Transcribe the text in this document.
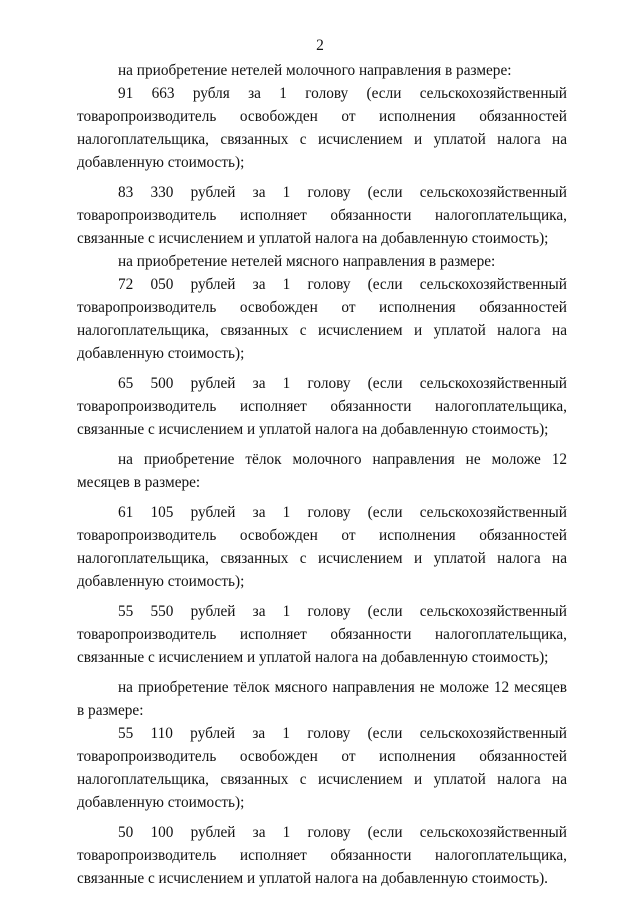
2

на приобретение нетелей молочного направления в размере:

91 663 рубля за 1 голову (если сельскохозяйственный товаропроизводитель освобожден от исполнения обязанностей налогоплательщика, связанных с исчислением и уплатой налога на добавленную стоимость);

83 330 рублей за 1 голову (если сельскохозяйственный товаропроизводитель исполняет обязанности налогоплательщика, связанные с исчислением и уплатой налога на добавленную стоимость);

на приобретение нетелей мясного направления в размере:

72 050 рублей за 1 голову (если сельскохозяйственный товаропроизводитель освобожден от исполнения обязанностей налогоплательщика, связанных с исчислением и уплатой налога на добавленную стоимость);

65 500 рублей за 1 голову (если сельскохозяйственный товаропроизводитель исполняет обязанности налогоплательщика, связанные с исчислением и уплатой налога на добавленную стоимость);

на приобретение тёлок молочного направления не моложе 12 месяцев в размере:

61 105 рублей за 1 голову (если сельскохозяйственный товаропроизводитель освобожден от исполнения обязанностей налогоплательщика, связанных с исчислением и уплатой налога на добавленную стоимость);

55 550 рублей за 1 голову (если сельскохозяйственный товаропроизводитель исполняет обязанности налогоплательщика, связанные с исчислением и уплатой налога на добавленную стоимость);

на приобретение тёлок мясного направления не моложе 12 месяцев в размере:

55 110 рублей за 1 голову (если сельскохозяйственный товаропроизводитель освобожден от исполнения обязанностей налогоплательщика, связанных с исчислением и уплатой налога на добавленную стоимость);

50 100 рублей за 1 голову (если сельскохозяйственный товаропроизводитель исполняет обязанности налогоплательщика, связанные с исчислением и уплатой налога на добавленную стоимость).
